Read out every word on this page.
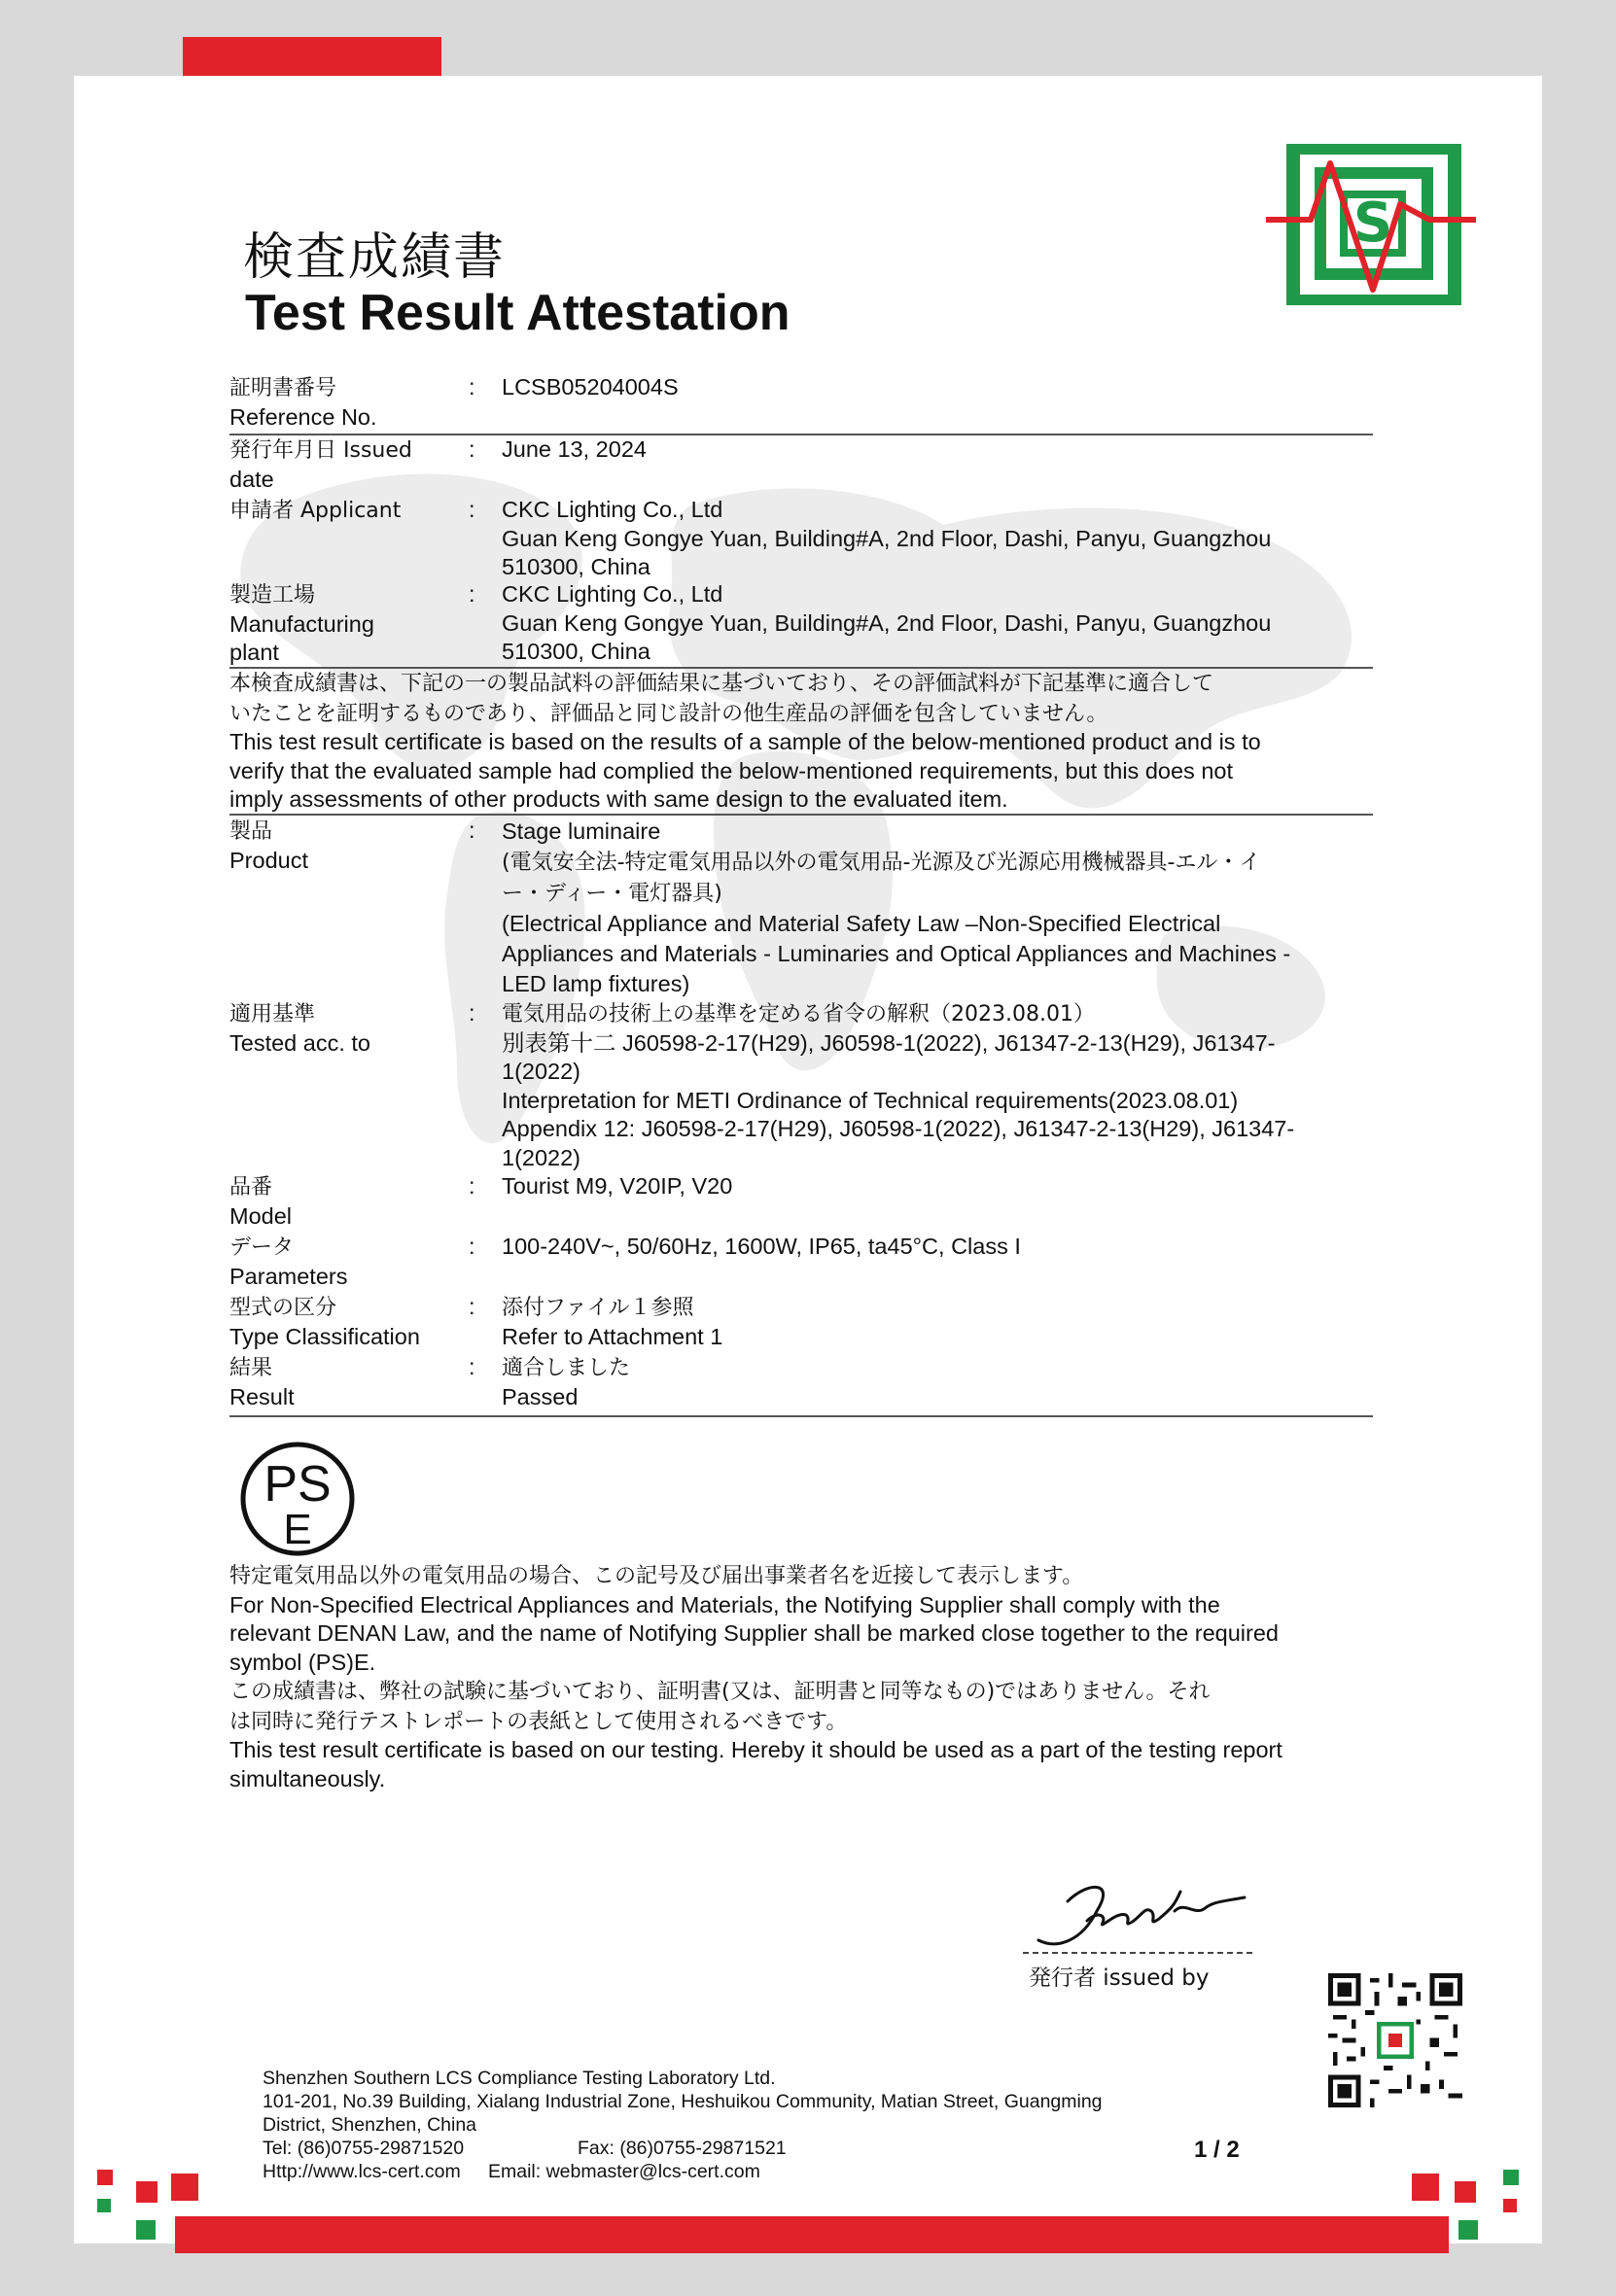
検査成績書
Test Result Attestation
S
証明書番号
Reference No.
: LCSB05204004S
発行年月日 Issued
date
: June 13, 2024
申請者 Applicant	: CKC Lighting Co., Ltd
Guan Keng Gongye Yuan, Building#A, 2nd Floor, Dashi, Panyu, Guangzhou
510300, China
製造工場
Manufacturing
plant
: CKC Lighting Co., Ltd
Guan Keng Gongye Yuan, Building#A, 2nd Floor, Dashi, Panyu, Guangzhou
510300, China
本検査成績書は、下記の一の製品試料の評価結果に基づいており、その評価試料が下記基準に適合して
いたことを証明するものであり、評価品と同じ設計の他生産品の評価を包含していません。
This test result certificate is based on the results of a sample of the below-mentioned product and is to
verify that the evaluated sample had complied the below-mentioned requirements, but this does not
imply assessments of other products with same design to the evaluated item.
製品
Product
: Stage luminaire
(電気安全法-特定電気用品以外の電気用品-光源及び光源応用機械器具-エル・イ
ー・ディー・電灯器具)
(Electrical Appliance and Material Safety Law –Non-Specified Electrical
Appliances and Materials - Luminaries and Optical Appliances and Machines -
LED lamp fixtures)
適用基準
Tested acc. to
: 電気用品の技術上の基準を定める省令の解釈（2023.08.01）
別表第十二 J60598-2-17(H29), J60598-1(2022), J61347-2-13(H29), J61347-
1(2022)
Interpretation for METI Ordinance of Technical requirements(2023.08.01)
Appendix 12: J60598-2-17(H29), J60598-1(2022), J61347-2-13(H29), J61347-
1(2022)
品番
Model
: Tourist M9, V20IP, V20
データ
Parameters
: 100-240V~, 50/60Hz, 1600W, IP65, ta45°C, Class I
型式の区分
Type Classification
: 添付ファイル１参照
Refer to Attachment 1
結果
Result
: 適合しました
Passed
PS
E
特定電気用品以外の電気用品の場合、この記号及び届出事業者名を近接して表示します。
For Non-Specified Electrical Appliances and Materials, the Notifying Supplier shall comply with the
relevant DENAN Law, and the name of Notifying Supplier shall be marked close together to the required
symbol (PS)E.
この成績書は、弊社の試験に基づいており、証明書(又は、証明書と同等なもの)ではありません。それ
は同時に発行テストレポートの表紙として使用されるべきです。
This test result certificate is based on our testing. Hereby it should be used as a part of the testing report
simultaneously.
発行者 issued by
Shenzhen Southern LCS Compliance Testing Laboratory Ltd.
101-201, No.39 Building, Xialang Industrial Zone, Heshuikou Community, Matian Street, Guangming
District, Shenzhen, China
Tel: (86)0755-29871520	Fax: (86)0755-29871521
Http://www.lcs-cert.com Email: webmaster@lcs-cert.com
1 / 2
